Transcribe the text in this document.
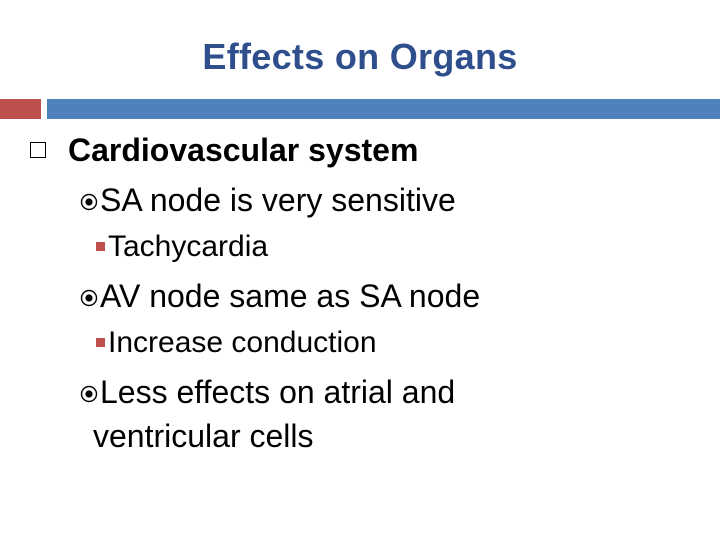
Effects on Organs
Cardiovascular system
SA node is very sensitive
Tachycardia
AV node same as SA node
Increase conduction
Less effects on atrial and
ventricular cells
